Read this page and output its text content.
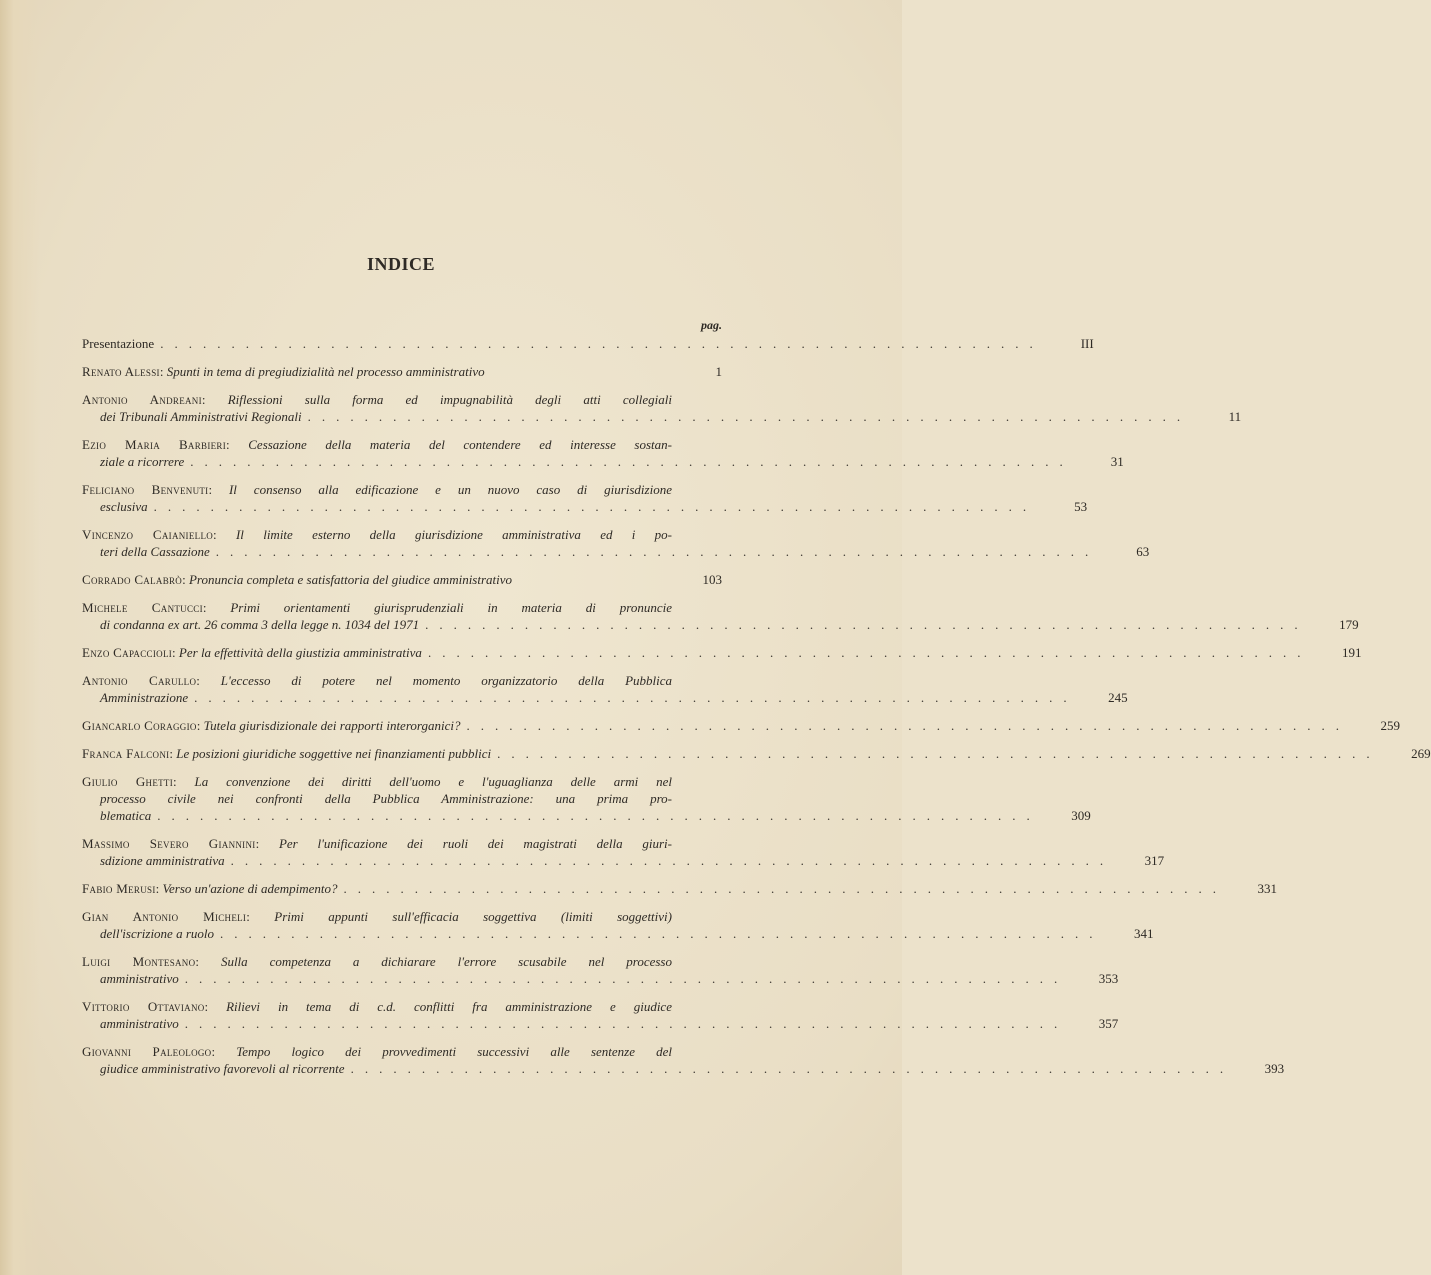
INDICE
pag.
Presentazione ..............................................................	III
Renato Alessi: Spunti in tema di pregiudizialità nel processo amministrativo	1
Antonio Andreani: Riflessioni sulla forma ed impugnabilità degli atti collegiali
dei Tribunali Amministrativi Regionali ..............................................................	11
Ezio Maria Barbieri: Cessazione della materia del contendere ed interesse sostan-
ziale a ricorrere ..............................................................	31
Feliciano Benvenuti: Il consenso alla edificazione e un nuovo caso di giurisdizione
esclusiva ..............................................................	53
Vincenzo Caianiello: Il limite esterno della giurisdizione amministrativa ed i po-
teri della Cassazione ..............................................................	63
Corrado Calabrò: Pronuncia completa e satisfattoria del giudice amministrativo	103
Michele Cantucci: Primi orientamenti giurisprudenziali in materia di pronuncie
di condanna ex art. 26 comma 3 della legge n. 1034 del 1971 ..............................................................	179
Enzo Capaccioli: Per la effettività della giustizia amministrativa ..............................................................	191
Antonio Carullo: L'eccesso di potere nel momento organizzatorio della Pubblica
Amministrazione ..............................................................	245
Giancarlo Coraggio: Tutela giurisdizionale dei rapporti interorganici? ..............................................................	259
Franca Falconi: Le posizioni giuridiche soggettive nei finanziamenti pubblici ..............................................................	269
Giulio Ghetti: La convenzione dei diritti dell'uomo e l'uguaglianza delle armi nel
processo civile nei confronti della Pubblica Amministrazione: una prima pro-
blematica ..............................................................	309
Massimo Severo Giannini: Per l'unificazione dei ruoli dei magistrati della giuri-
sdizione amministrativa ..............................................................	317
Fabio Merusi: Verso un'azione di adempimento? ..............................................................	331
Gian Antonio Micheli: Primi appunti sull'efficacia soggettiva (limiti soggettivi)
dell'iscrizione a ruolo ..............................................................	341
Luigi Montesano: Sulla competenza a dichiarare l'errore scusabile nel processo
amministrativo ..............................................................	353
Vittorio Ottaviano: Rilievi in tema di c.d. conflitti fra amministrazione e giudice
amministrativo ..............................................................	357
Giovanni Paleologo: Tempo logico dei provvedimenti successivi alle sentenze del
giudice amministrativo favorevoli al ricorrente ..............................................................	393
